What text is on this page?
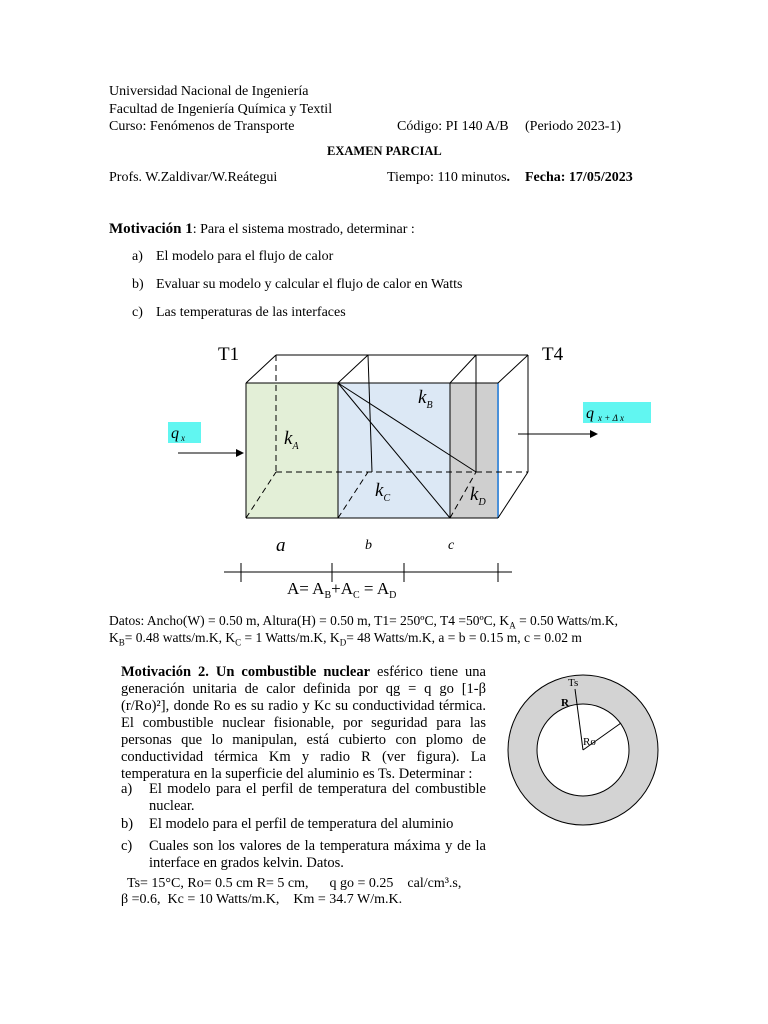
Universidad Nacional de Ingeniería
Facultad de Ingeniería Química y Textil
Curso: Fenómenos de Transporte	Código: PI 140 A/B (Periodo 2023-1)
EXAMEN PARCIAL
Profs. W.Zaldivar/W.Reátegui	Tiempo: 110 minutos. Fecha: 17/05/2023
Motivación 1: Para el sistema mostrado, determinar :
a) El modelo para el flujo de calor
b) Evaluar su modelo y calcular el flujo de calor en Watts
c) Las temperaturas de las interfaces
T1	T4
qx
qx + Δ x
$k_A$
$k_B$
$k_C$	$k_D$
a	b	c
$A= A_B+A_C = A_D$
Datos: Ancho(W) = 0.50 m, Altura(H) = 0.50 m, T1= 250ºC, T4 =50ºC, $K_A = 0.50$ Watts/m.K,
$K_B= 0.48$ watts/m.K, $K_C = 1$ Watts/m.K, $K_D= 48$ Watts/m.K, a = b = 0.15 m, c = 0.02 m
Motivación 2. Un combustible nuclear esférico tiene una generación unitaria de calor definida por qg = q go [1-β (r/Ro)²], donde Ro es su radio y Kc su conductividad térmica. El combustible nuclear fisionable, por seguridad para las personas que lo manipulan, está cubierto con plomo de conductividad térmica Km y radio R (ver figura). La temperatura en la superficie del aluminio es Ts. Determinar :
a) El modelo para el perfil de temperatura del combustible nuclear.
b) El modelo para el perfil de temperatura del aluminio
c) Cuales son los valores de la temperatura máxima y de la interface en grados kelvin. Datos.
Ts= 15°C, Ro= 0.5 cm R= 5 cm,      q go = 0.25    cal/cm³.s,
β =0.6,  Kc = 10 Watts/m.K,    Km = 34.7 W/m.K.
Ts
R
Ro
